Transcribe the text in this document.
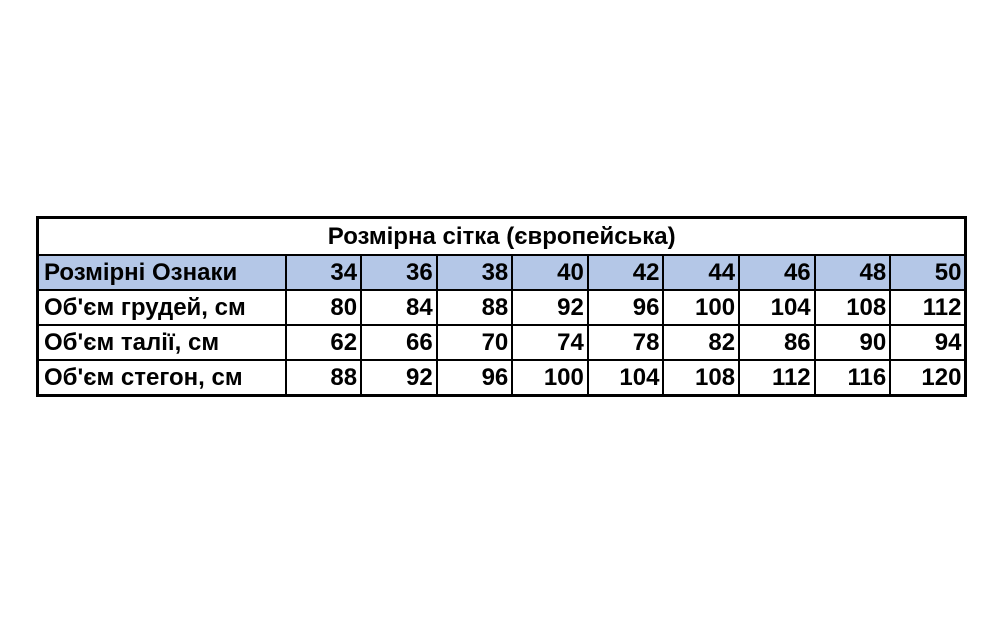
Розмірна сітка (європейська)									
Розмірні Ознаки	34	36	38	40	42	44	46	48	50
Об'єм грудей, см	80	84	88	92	96	100	104	108	112
Об'єм талії, см	62	66	70	74	78	82	86	90	94
Об'єм стегон, см	88	92	96	100	104	108	112	116	120
